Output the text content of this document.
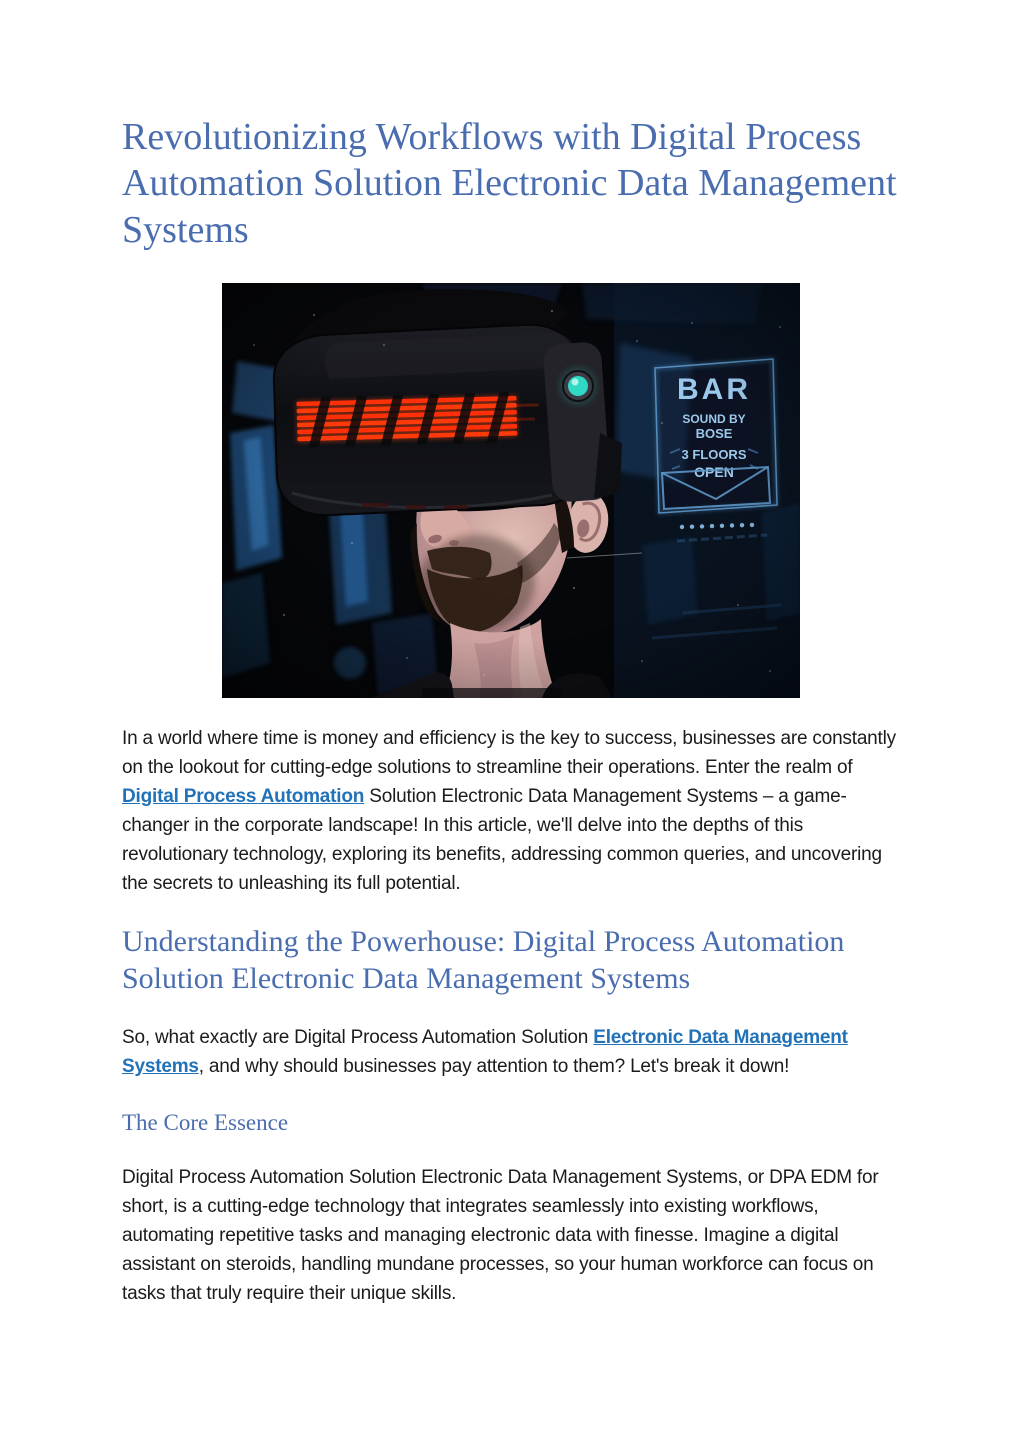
Revolutionizing Workflows with Digital Process Automation Solution Electronic Data Management Systems

In a world where time is money and efficiency is the key to success, businesses are constantly on the lookout for cutting-edge solutions to streamline their operations. Enter the realm of Digital Process Automation Solution Electronic Data Management Systems – a game-changer in the corporate landscape! In this article, we'll delve into the depths of this revolutionary technology, exploring its benefits, addressing common queries, and uncovering the secrets to unleashing its full potential.

Understanding the Powerhouse: Digital Process Automation Solution Electronic Data Management Systems

So, what exactly are Digital Process Automation Solution Electronic Data Management Systems, and why should businesses pay attention to them? Let's break it down!

The Core Essence

Digital Process Automation Solution Electronic Data Management Systems, or DPA EDM for short, is a cutting-edge technology that integrates seamlessly into existing workflows, automating repetitive tasks and managing electronic data with finesse. Imagine a digital assistant on steroids, handling mundane processes, so your human workforce can focus on tasks that truly require their unique skills.
